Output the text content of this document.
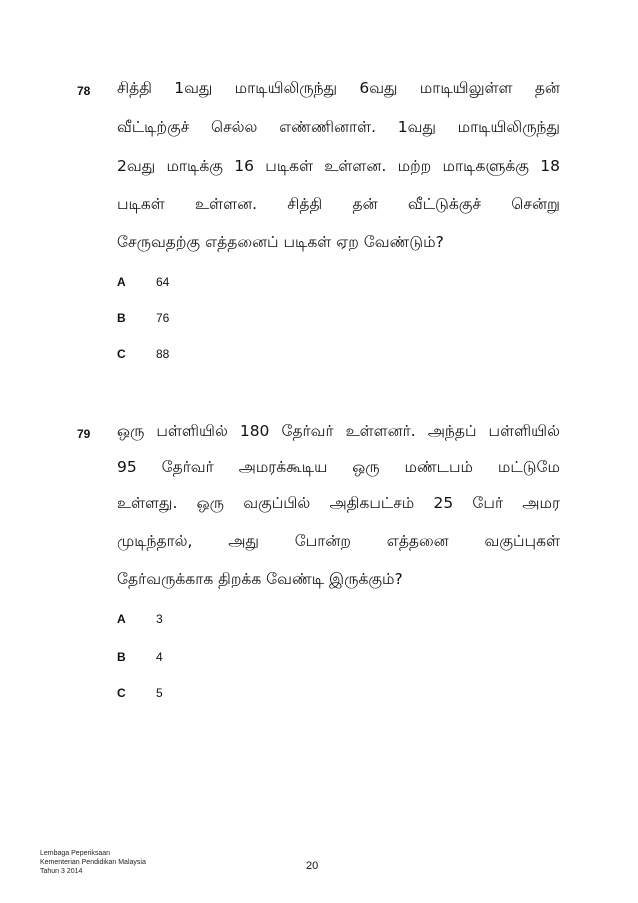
78 சித்தி 1வது மாடியிலிருந்து 6வது மாடியிலுள்ள தன்
வீட்டிற்குச் செல்ல எண்ணினாள். 1வது மாடியிலிருந்து
2வது மாடிக்கு 16 படிகள் உள்ளன. மற்ற மாடிகளுக்கு 18
படிகள் உள்ளன. சித்தி தன் வீட்டுக்குச் சென்று
சேருவதற்கு எத்தனைப் படிகள் ஏற வேண்டும்?
A	64
B	76
C	88
79 ஒரு பள்ளியில் 180 தேர்வர் உள்ளனர். அந்தப் பள்ளியில்
95 தேர்வர் அமரக்கூடிய ஒரு மண்டபம் மட்டுமே
உள்ளது. ஒரு வகுப்பில் அதிகபட்சம் 25 பேர் அமர
முடிந்தால், அது போன்ற எத்தனை வகுப்புகள்
தேர்வருக்காக திறக்க வேண்டி இருக்கும்?
A	3
B	4
C	5
Lembaga Peperiksaan
Kementerian Pendidikan Malaysia
Tahun 3 2014	20
